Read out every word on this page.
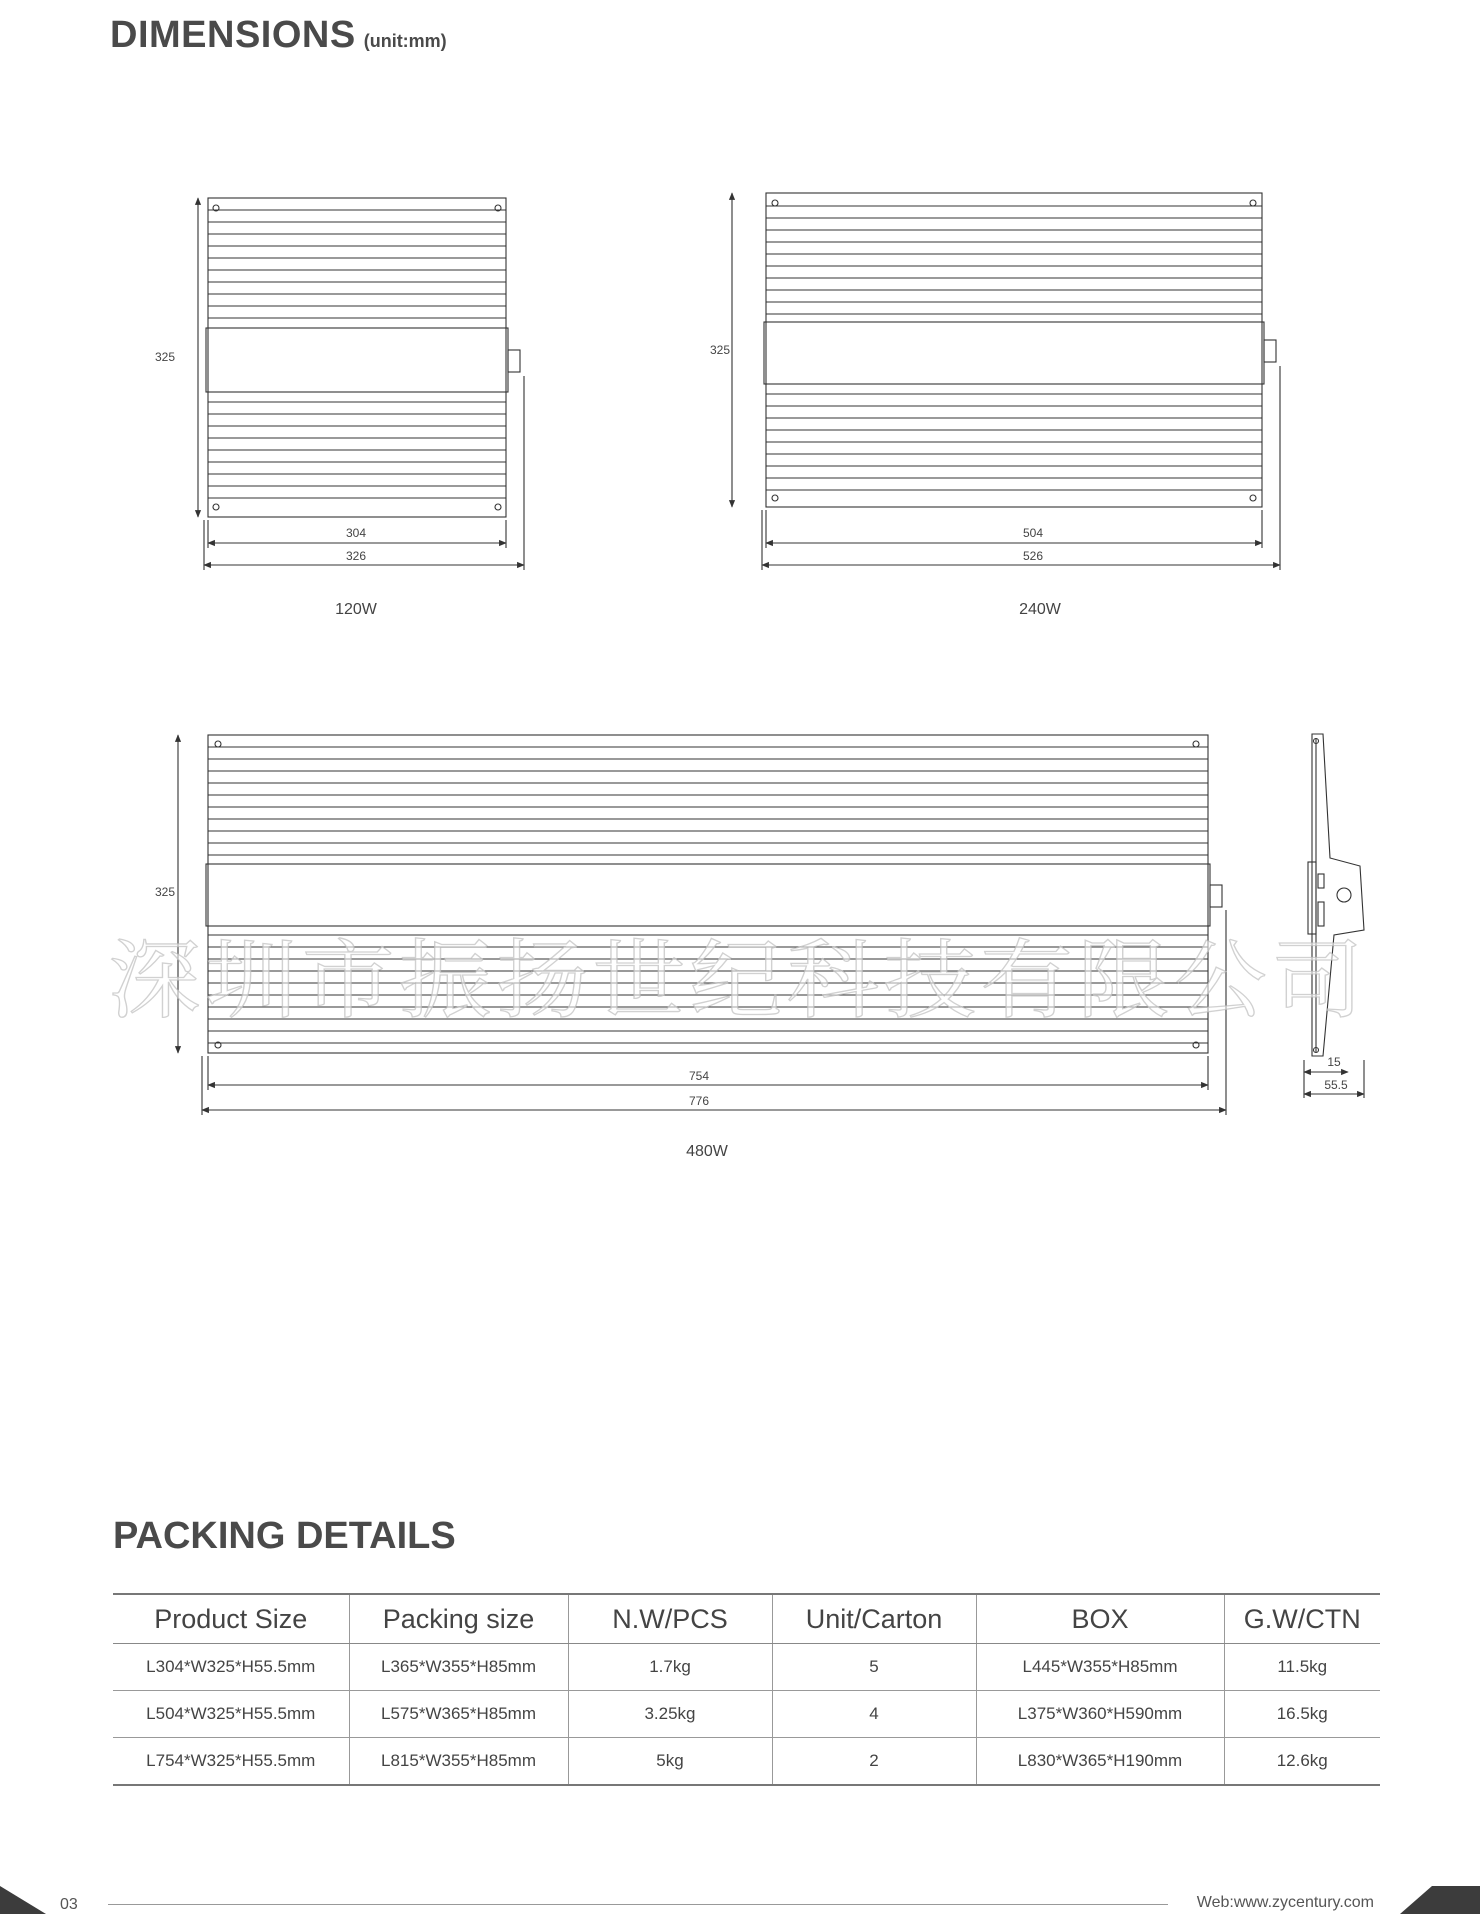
DIMENSIONS (unit:mm)
325
304
326
325
504
526
325
754
776
15
55.5
120W	240W
480W
深圳市振扬世纪科技有限公司
PACKING DETAILS
Product Size	Packing size	N.W/PCS	Unit/Carton	BOX	G.W/CTN
L304*W325*H55.5mm	L365*W355*H85mm	1.7kg	5	L445*W355*H85mm	11.5kg
L504*W325*H55.5mm	L575*W365*H85mm	3.25kg	4	L375*W360*H590mm	16.5kg
L754*W325*H55.5mm	L815*W355*H85mm	5kg	2	L830*W365*H190mm	12.6kg
03	Web:www.zycentury.com
